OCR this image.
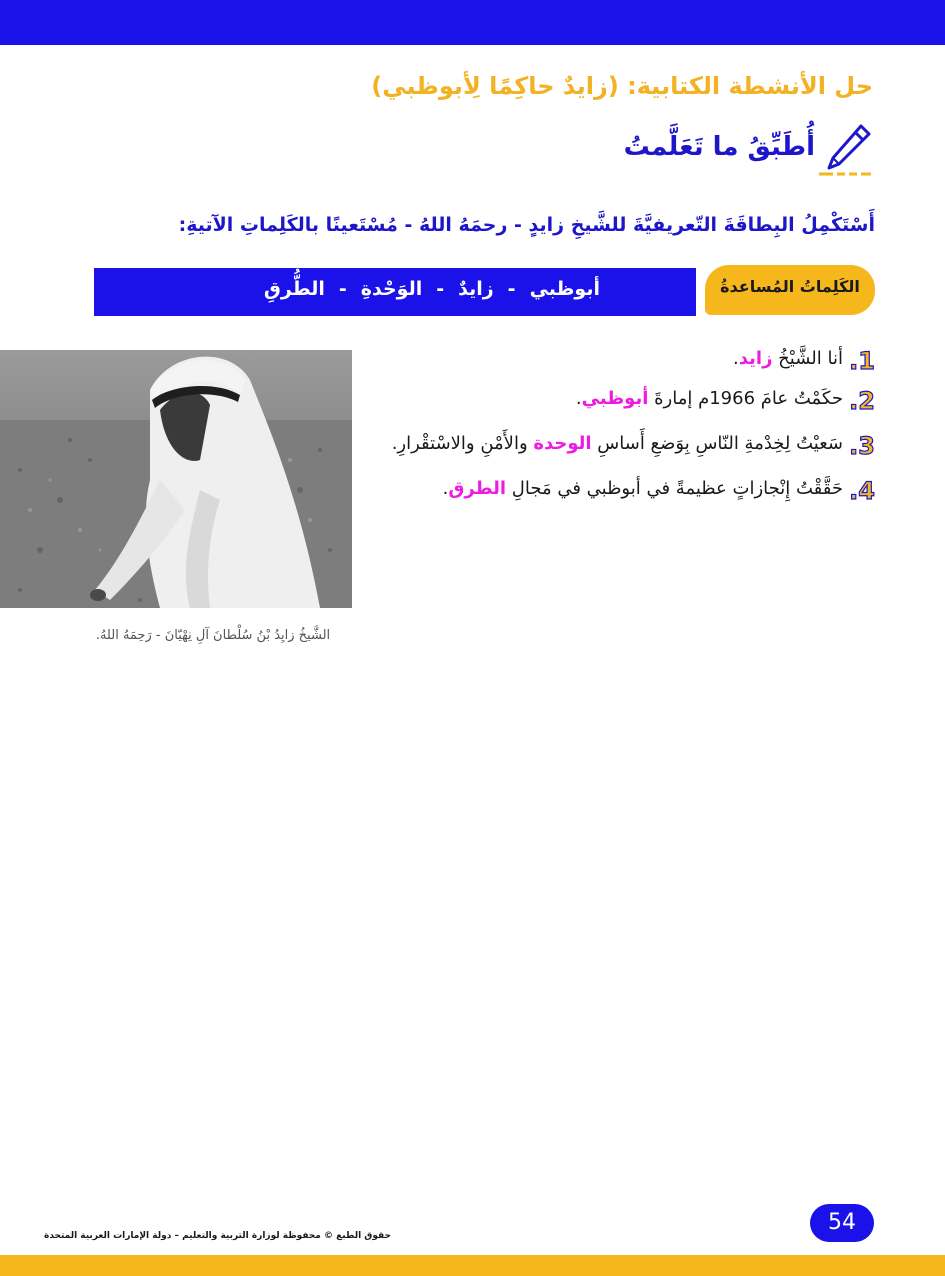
حل الأنشطة الكتابية: (زايدٌ حاكِمًا لِأبوظبي)
أُطَبِّقُ ما تَعَلَّمتُ
أَسْتَكْمِلُ البِطاقَةَ التّعريفيَّةَ للشَّيخِ زايدٍ - رحمَهُ اللهُ - مُسْتَعينًا بالكَلِماتِ الآتيةِ:
الكَلِماتُ المُساعدةُ
أبوظبي
-
زايدٌ
-
الوَحْدةِ
-
الطُّرقِ
الشَّيخُ زايِدُ بْنُ سُلْطانَ آلِ نِهْيّانَ - رَحِمَهُ اللهُ.
1.
أنا الشَّيْخُ زايد.
2.
حكَمْتُ عامَ 1966م إمارةَ أبوظبي.
3.
سَعيْتُ لِخِدْمةِ النّاسِ بِوَضعِ أَساسِ الوحدة والأَمْنِ والاسْتقْرارِ.
4.
حَقَّقْتُ إِنْجازاتٍ عظيمةً في أبوظبي في مَجالِ الطرق.
54
حقوق الطبع © محفوظة لوزارة التربية والتعليم – دولة الإمارات العربية المتحدة
